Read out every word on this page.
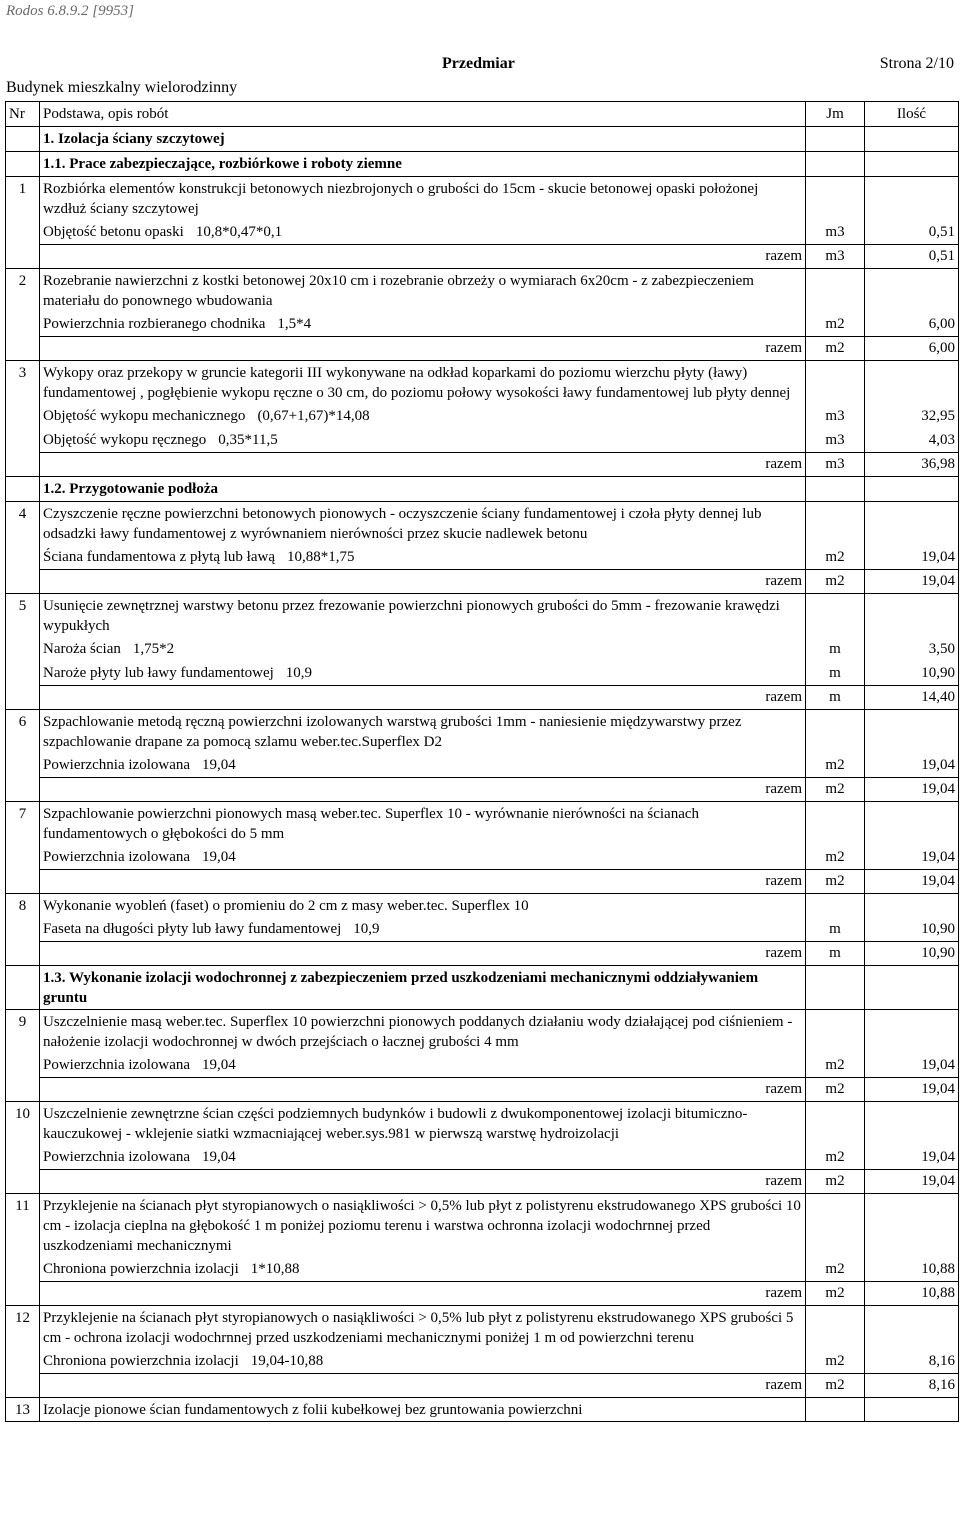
Rodos 6.8.9.2 [9953]
Przedmiar	Strona 2/10
Budynek mieszkalny wielorodzinny
Nr	Podstawa, opis robót	Jm	Ilość
	1. Izolacja ściany szczytowej		
	1.1. Prace zabezpieczające, rozbiórkowe i roboty ziemne		
1	Rozbiórka elementów konstrukcji betonowych niezbrojonych o grubości do 15cm - skucie betonowej opaski położonej wzdłuż ściany szczytowej		
	Objętość betonu opaski 10,8*0,47*0,1	m3	0,51
	razem	m3	0,51
2	Rozebranie nawierzchni z kostki betonowej 20x10 cm i rozebranie obrzeży o wymiarach 6x20cm - z zabezpieczeniem materiału do ponownego wbudowania		
	Powierzchnia rozbieranego chodnika 1,5*4	m2	6,00
	razem	m2	6,00
3	Wykopy oraz przekopy w gruncie kategorii III wykonywane na odkład koparkami do poziomu wierzchu płyty (ławy) fundamentowej , pogłębienie wykopu ręczne o 30 cm, do poziomu połowy wysokości ławy fundamentowej lub płyty dennej		
	Objętość wykopu mechanicznego (0,67+1,67)*14,08	m3	32,95
	Objętość wykopu ręcznego 0,35*11,5	m3	4,03
	razem	m3	36,98
	1.2. Przygotowanie podłoża		
4	Czyszczenie ręczne powierzchni betonowych pionowych - oczyszczenie ściany fundamentowej i czoła płyty dennej lub odsadzki ławy fundamentowej z wyrównaniem nierówności przez skucie nadlewek betonu		
	Ściana fundamentowa z płytą lub ławą 10,88*1,75	m2	19,04
	razem	m2	19,04
5	Usunięcie zewnętrznej warstwy betonu przez frezowanie powierzchni pionowych grubości do 5mm - frezowanie krawędzi wypukłych		
	Naroża ścian 1,75*2	m	3,50
	Naroże płyty lub ławy fundamentowej 10,9	m	10,90
	razem	m	14,40
6	Szpachlowanie metodą ręczną powierzchni izolowanych warstwą grubości 1mm - naniesienie międzywarstwy przez szpachlowanie drapane za pomocą szlamu weber.tec.Superflex D2		
	Powierzchnia izolowana 19,04	m2	19,04
	razem	m2	19,04
7	Szpachlowanie powierzchni pionowych masą weber.tec. Superflex 10 - wyrównanie nierówności na ścianach fundamentowych o głębokości do 5 mm		
	Powierzchnia izolowana 19,04	m2	19,04
	razem	m2	19,04
8	Wykonanie wyobleń (faset) o promieniu do 2 cm z masy weber.tec. Superflex 10		
	Faseta na długości płyty lub ławy fundamentowej 10,9	m	10,90
	razem	m	10,90
	1.3. Wykonanie izolacji wodochronnej z zabezpieczeniem przed uszkodzeniami mechanicznymi oddziaływaniem gruntu		
9	Uszczelnienie masą weber.tec. Superflex 10 powierzchni pionowych poddanych działaniu wody działającej pod ciśnieniem - nałożenie izolacji wodochronnej w dwóch przejściach o łacznej grubości 4 mm		
	Powierzchnia izolowana 19,04	m2	19,04
	razem	m2	19,04
10	Uszczelnienie zewnętrzne ścian części podziemnych budynków i budowli z dwukomponentowej izolacji bitumiczno-kauczukowej - wklejenie siatki wzmacniającej weber.sys.981 w pierwszą warstwę hydroizolacji		
	Powierzchnia izolowana 19,04	m2	19,04
	razem	m2	19,04
11	Przyklejenie na ścianach płyt styropianowych o nasiąkliwości > 0,5% lub płyt z polistyrenu ekstrudowanego XPS grubości 10 cm - izolacja cieplna na głębokość 1 m poniżej poziomu terenu i warstwa ochronna izolacji wodochrnnej przed uszkodzeniami mechanicznymi		
	Chroniona powierzchnia izolacji 1*10,88	m2	10,88
	razem	m2	10,88
12	Przyklejenie na ścianach płyt styropianowych o nasiąkliwości > 0,5% lub płyt z polistyrenu ekstrudowanego XPS grubości 5 cm - ochrona izolacji wodochrnnej przed uszkodzeniami mechanicznymi poniżej 1 m od powierzchni terenu		
	Chroniona powierzchnia izolacji 19,04-10,88	m2	8,16
	razem	m2	8,16
13	Izolacje pionowe ścian fundamentowych z folii kubełkowej bez gruntowania powierzchni		
